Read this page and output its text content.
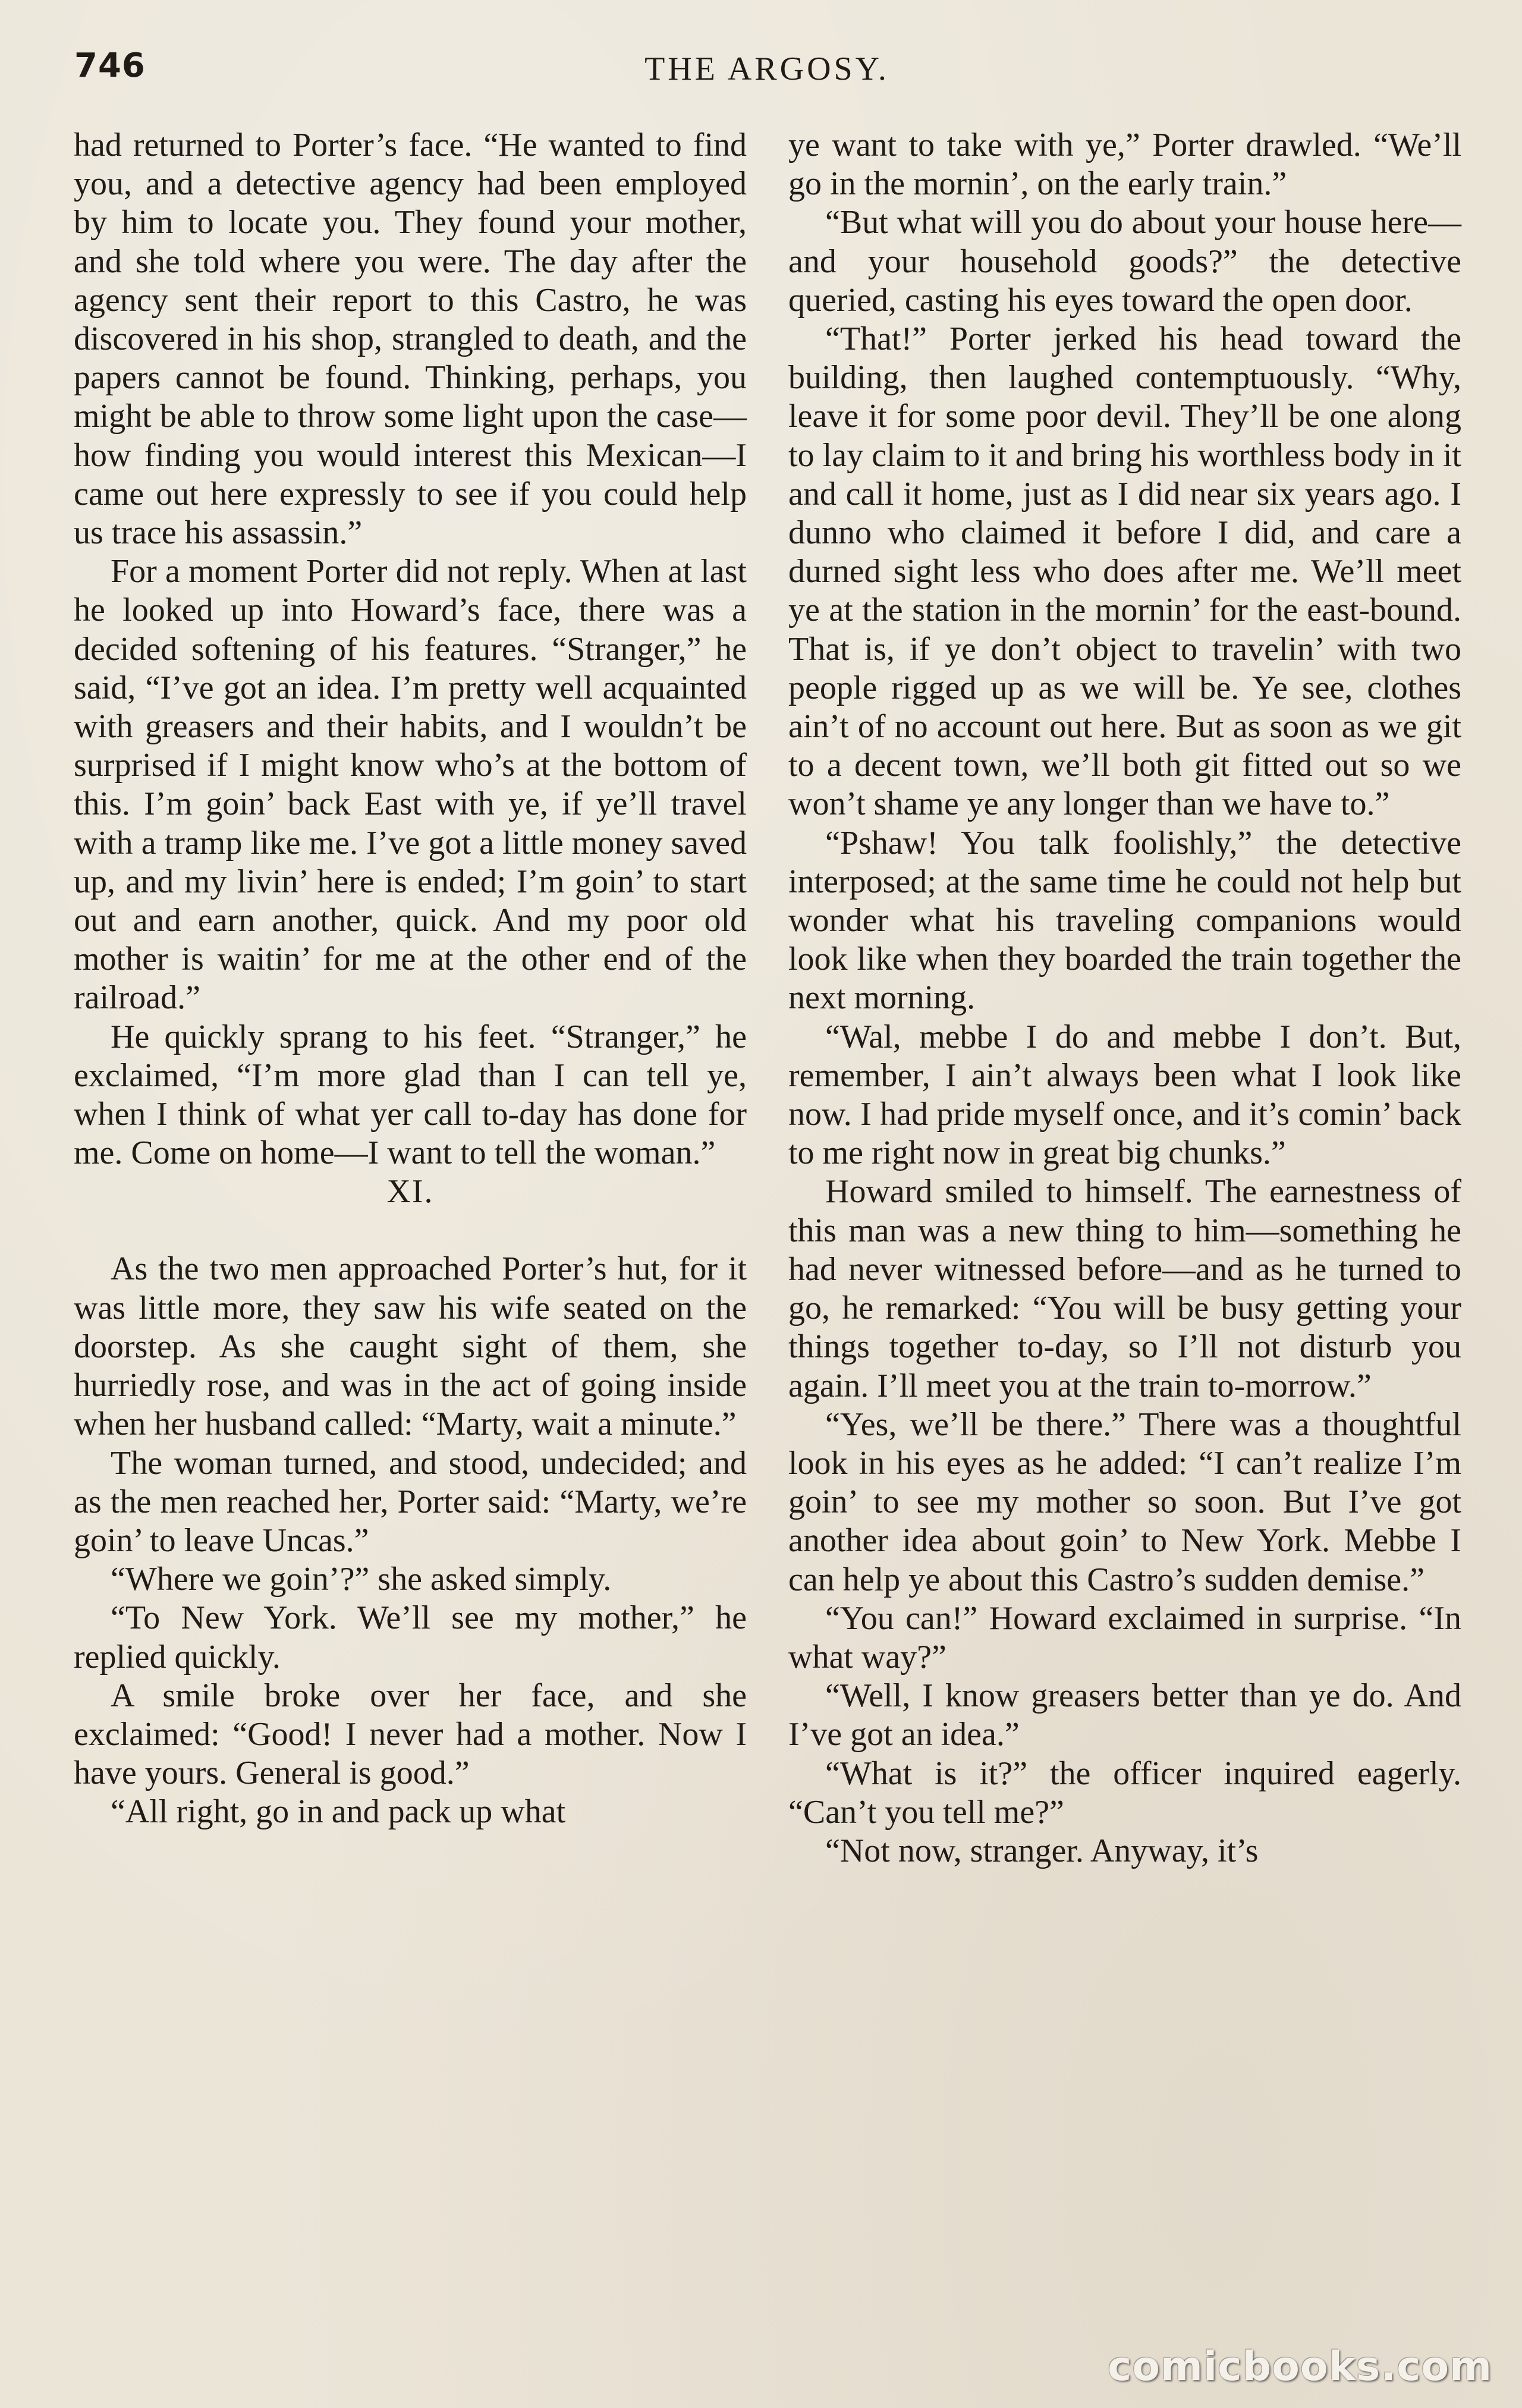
746	THE ARGOSY.

had returned to Porter’s face. “He wanted to find you, and a detective agency had been employed by him to locate you. They found your mother, and she told where you were. The day after the agency sent their report to this Castro, he was discovered in his shop, strangled to death, and the papers cannot be found. Thinking, perhaps, you might be able to throw some light upon the case—how finding you would interest this Mexican—I came out here expressly to see if you could help us trace his assassin.”

For a moment Porter did not reply. When at last he looked up into Howard’s face, there was a decided softening of his features. “Stranger,” he said, “I’ve got an idea. I’m pretty well acquainted with greasers and their habits, and I wouldn’t be surprised if I might know who’s at the bottom of this. I’m goin’ back East with ye, if ye’ll travel with a tramp like me. I’ve got a little money saved up, and my livin’ here is ended; I’m goin’ to start out and earn another, quick. And my poor old mother is waitin’ for me at the other end of the railroad.”

He quickly sprang to his feet. “Stranger,” he exclaimed, “I’m more glad than I can tell ye, when I think of what yer call to-day has done for me. Come on home—I want to tell the woman.”

XI.

As the two men approached Porter’s hut, for it was little more, they saw his wife seated on the doorstep. As she caught sight of them, she hurriedly rose, and was in the act of going inside when her husband called: “Marty, wait a minute.”

The woman turned, and stood, undecided; and as the men reached her, Porter said: “Marty, we’re goin’ to leave Uncas.”

“Where we goin’?” she asked simply.

“To New York. We’ll see my mother,” he replied quickly.

A smile broke over her face, and she exclaimed: “Good! I never had a mother. Now I have yours. General is good.”

“All right, go in and pack up what

ye want to take with ye,” Porter drawled. “We’ll go in the mornin’, on the early train.”

“But what will you do about your house here—and your household goods?” the detective queried, casting his eyes toward the open door.

“That!” Porter jerked his head toward the building, then laughed contemptuously. “Why, leave it for some poor devil. They’ll be one along to lay claim to it and bring his worthless body in it and call it home, just as I did near six years ago. I dunno who claimed it before I did, and care a durned sight less who does after me. We’ll meet ye at the station in the mornin’ for the east-bound. That is, if ye don’t object to travelin’ with two people rigged up as we will be. Ye see, clothes ain’t of no account out here. But as soon as we git to a decent town, we’ll both git fitted out so we won’t shame ye any longer than we have to.”

“Pshaw! You talk foolishly,” the detective interposed; at the same time he could not help but wonder what his traveling companions would look like when they boarded the train together the next morning.

“Wal, mebbe I do and mebbe I don’t. But, remember, I ain’t always been what I look like now. I had pride myself once, and it’s comin’ back to me right now in great big chunks.”

Howard smiled to himself. The earnestness of this man was a new thing to him—something he had never witnessed before—and as he turned to go, he remarked: “You will be busy getting your things together to-day, so I’ll not disturb you again. I’ll meet you at the train to-morrow.”

“Yes, we’ll be there.” There was a thoughtful look in his eyes as he added: “I can’t realize I’m goin’ to see my mother so soon. But I’ve got another idea about goin’ to New York. Mebbe I can help ye about this Castro’s sudden demise.”

“You can!” Howard exclaimed in surprise. “In what way?”

“Well, I know greasers better than ye do. And I’ve got an idea.”

“What is it?” the officer inquired eagerly. “Can’t you tell me?”

“Not now, stranger. Anyway, it’s

comicbooks.com
